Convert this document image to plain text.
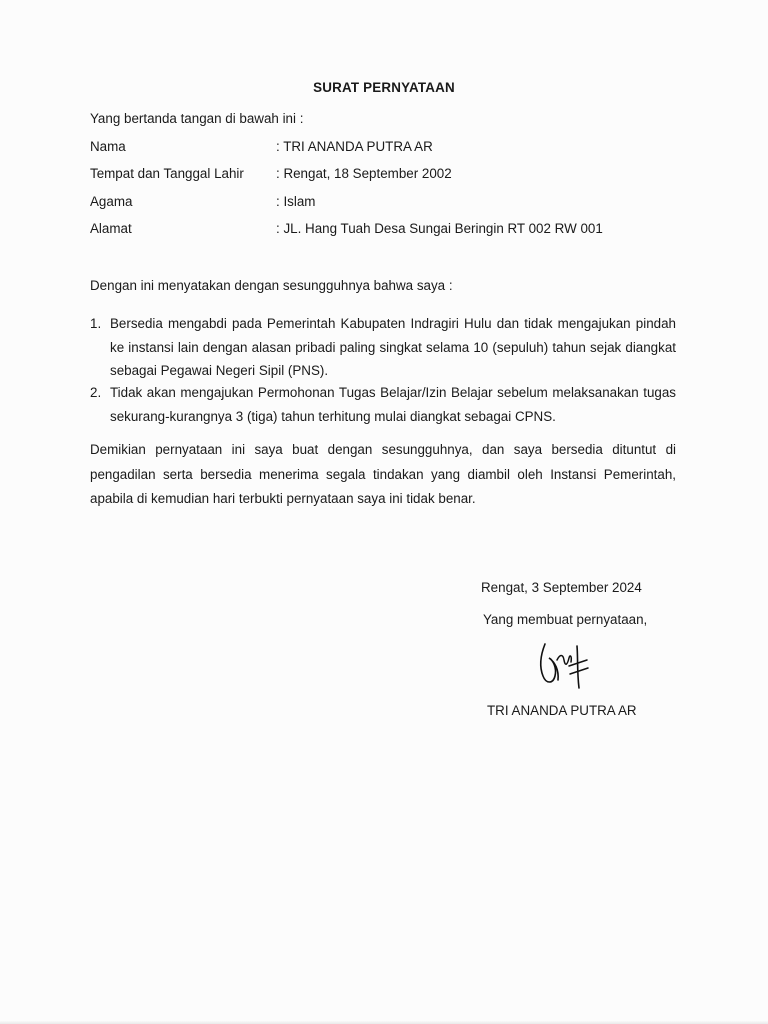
SURAT PERNYATAAN
Yang bertanda tangan di bawah ini :
Nama	: TRI ANANDA PUTRA AR
Tempat dan Tanggal Lahir : Rengat, 18 September 2002
Agama	: Islam
Alamat	: JL. Hang Tuah Desa Sungai Beringin RT 002 RW 001
Dengan ini menyatakan dengan sesungguhnya bahwa saya :
1. Bersedia mengabdi pada Pemerintah Kabupaten Indragiri Hulu dan tidak mengajukan pindah ke instansi lain dengan alasan pribadi paling singkat selama 10 (sepuluh) tahun sejak diangkat sebagai Pegawai Negeri Sipil (PNS).
2. Tidak akan mengajukan Permohonan Tugas Belajar/Izin Belajar sebelum melaksanakan tugas sekurang-kurangnya 3 (tiga) tahun terhitung mulai diangkat sebagai CPNS.
Demikian pernyataan ini saya buat dengan sesungguhnya, dan saya bersedia dituntut di pengadilan serta bersedia menerima segala tindakan yang diambil oleh Instansi Pemerintah, apabila di kemudian hari terbukti pernyataan saya ini tidak benar.
Rengat, 3 September 2024
Yang membuat pernyataan,
TRI ANANDA PUTRA AR
